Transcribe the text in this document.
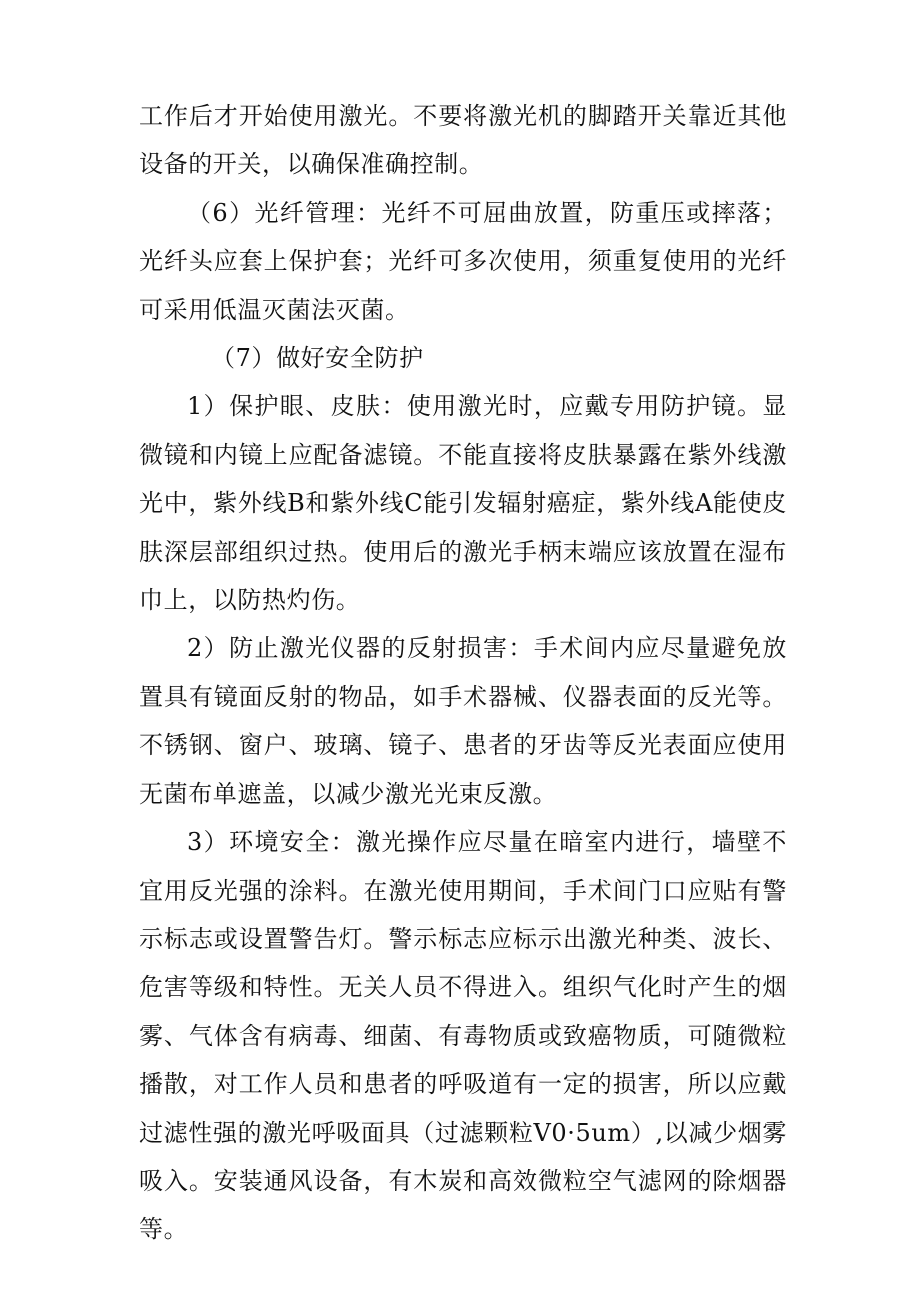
工作后才开始使用激光。不要将激光机的脚踏开关靠近其他设备的开关，以确保准确控制。

（6）光纤管理：光纤不可屈曲放置，防重压或摔落；光纤头应套上保护套；光纤可多次使用，须重复使用的光纤可采用低温灭菌法灭菌。

（7）做好安全防护

1）保护眼、皮肤：使用激光时，应戴专用防护镜。显微镜和内镜上应配备滤镜。不能直接将皮肤暴露在紫外线激光中，紫外线B和紫外线C能引发辐射癌症，紫外线A能使皮肤深层部组织过热。使用后的激光手柄末端应该放置在湿布巾上，以防热灼伤。

2）防止激光仪器的反射损害：手术间内应尽量避免放置具有镜面反射的物品，如手术器械、仪器表面的反光等。不锈钢、窗户、玻璃、镜子、患者的牙齿等反光表面应使用无菌布单遮盖，以减少激光光束反激。

3）环境安全：激光操作应尽量在暗室内进行，墙壁不宜用反光强的涂料。在激光使用期间，手术间门口应贴有警示标志或设置警告灯。警示标志应标示出激光种类、波长、危害等级和特性。无关人员不得进入。组织气化时产生的烟雾、气体含有病毒、细菌、有毒物质或致癌物质，可随微粒播散，对工作人员和患者的呼吸道有一定的损害，所以应戴过滤性强的激光呼吸面具（过滤颗粒V0·5um）,以减少烟雾吸入。安装通风设备，有木炭和高效微粒空气滤网的除烟器等。
